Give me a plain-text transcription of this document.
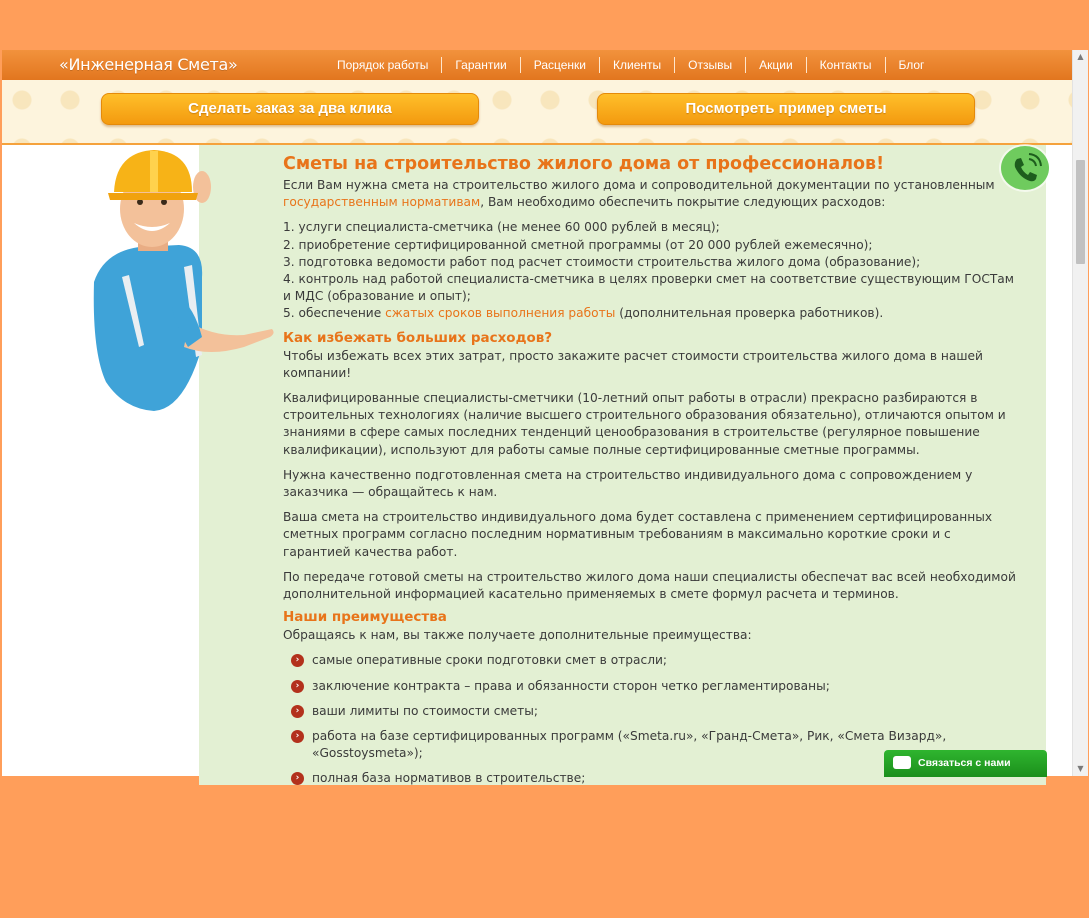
«Инженерная Смета»	Порядок работы	Гарантии	Расценки	Клиенты	Отзывы	Акции	Контакты	Блог
Сделать заказ за два клика	Посмотреть пример сметы
Сметы на строительство жилого дома от профессионалов!

Если Вам нужна смета на строительство жилого дома и сопроводительной документации по установленным государственным нормативам, Вам необходимо обеспечить покрытие следующих расходов:

1. услуги специалиста-сметчика (не менее 60 000 рублей в месяц);
2. приобретение сертифицированной сметной программы (от 20 000 рублей ежемесячно);
3. подготовка ведомости работ под расчет стоимости строительства жилого дома (образование);
4. контроль над работой специалиста-сметчика в целях проверки смет на соответствие существующим ГОСТам и МДС (образование и опыт);
5. обеспечение сжатых сроков выполнения работы (дополнительная проверка работников).
Как избежать больших расходов?

Чтобы избежать всех этих затрат, просто закажите расчет стоимости строительства жилого дома в нашей компании!

Квалифицированные специалисты-сметчики (10-летний опыт работы в отрасли) прекрасно разбираются в строительных технологиях (наличие высшего строительного образования обязательно), отличаются опытом и знаниями в сфере самых последних тенденций ценообразования в строительстве (регулярное повышение квалификации), используют для работы самые полные сертифицированные сметные программы.

Нужна качественно подготовленная смета на строительство индивидуального дома с сопровождением у заказчика — обращайтесь к нам.

Ваша смета на строительство индивидуального дома будет составлена с применением сертифицированных сметных программ согласно последним нормативным требованиям в максимально короткие сроки и с гарантией качества работ.

По передаче готовой сметы на строительство жилого дома наши специалисты обеспечат вас всей необходимой дополнительной информацией касательно применяемых в смете формул расчета и терминов.

Наши преимущества

Обращаясь к нам, вы также получаете дополнительные преимущества:

›	самые оперативные сроки подготовки смет в отрасли;
›	заключение контракта – права и обязанности сторон четко регламентированы;
›	ваши лимиты по стоимости сметы;
›	работа на базе сертифицированных программ («Smeta.ru», «Гранд-Смета», Рик, «Смета Визард», «Gosstoysmeta»);
›	полная база нормативов в строительстве;
Связаться с нами
▲
▼
